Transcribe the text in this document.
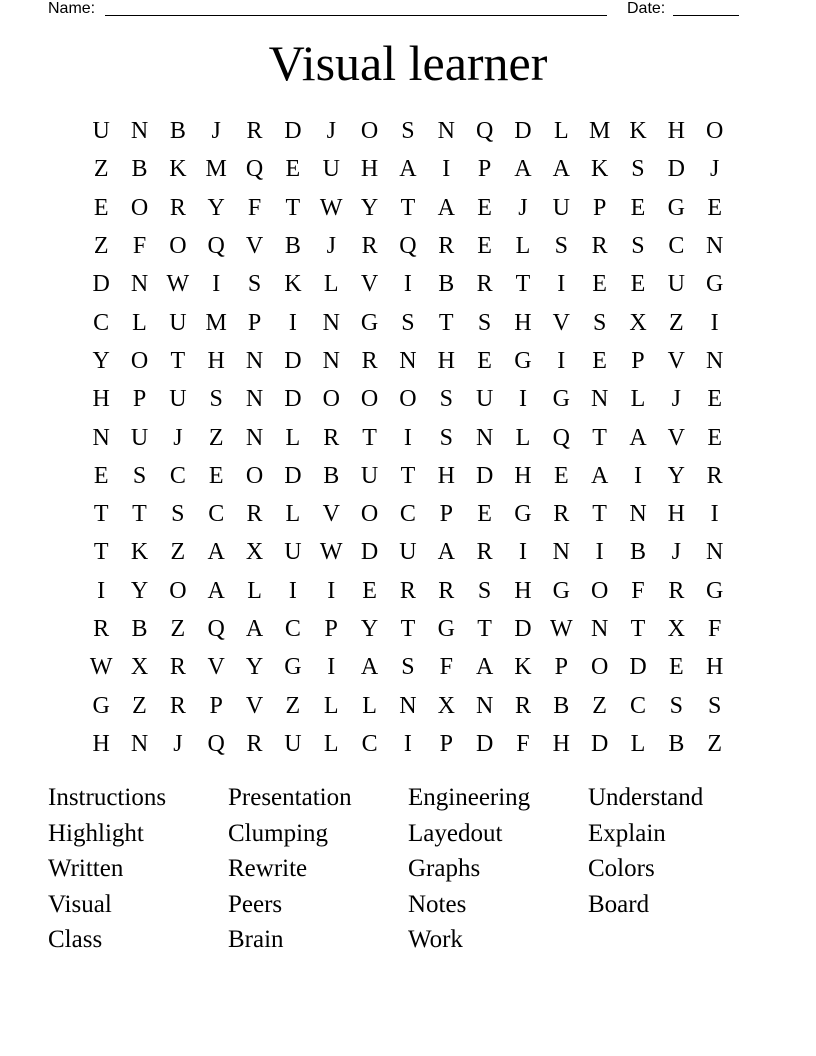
Name:	Date:
Visual learner
U N B	J	R D	J	O S N Q D L M K H O
Z B K M Q E U H A	I	P A A K S D	J
E O R Y F	T W Y T A E	J	U P	E G E
Z	F O Q V B	J	R Q R E L	S R S C N
D N W I	S K L V	I	B R T	I	E E U G
C L U M P	I	N G S	T	S H V S X Z	I
Y O T H N D N R N H E G	I	E	P V N
H P U S N D O O O S U	I	G N L	J	E
N U	J	Z N L R T	I	S N L Q T A V E
E	S C E O D B U T H D H E A	I	Y R
T T	S C R L V O C P	E G R T N H	I
T K Z A X U W D U A R	I	N	I	B	J	N
I	Y O A L	I	I	E R R S H G O F R G
R B Z Q A C P Y T G T D W N T X F
W X R V Y G	I	A S	F A K P O D E H
G Z R P V Z L L N X N R B Z C S	S
H N	J	Q R U L C	I	P D F H D L B Z
Instructions	Presentation	Engineering	Understand
Highlight	Clumping	Layedout	Explain
Written	Rewrite	Graphs	Colors
Visual	Peers	Notes	Board
Class	Brain	Work
